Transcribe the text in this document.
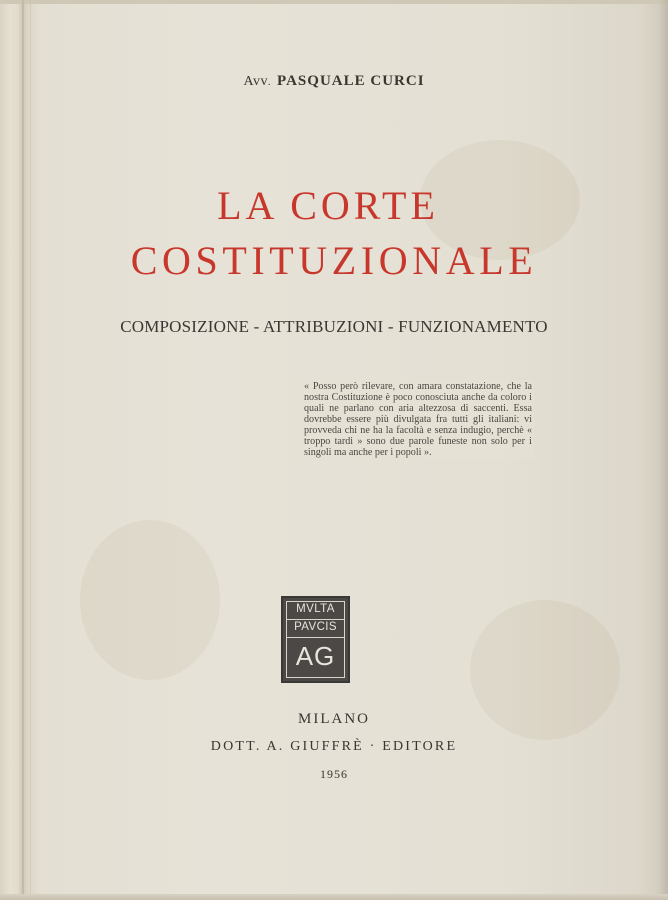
Avv. PASQUALE CURCI
LA CORTE
COSTITUZIONALE
COMPOSIZIONE - ATTRIBUZIONI - FUNZIONAMENTO
« Posso però rilevare, con amara constatazione, che la nostra Costituzione è poco conosciuta anche da coloro i quali ne parlano con aria altezzosa di saccenti. Essa dovrebbe essere più divulgata fra tutti gli italiani: vi provveda chi ne ha la facoltà e senza indugio, perchè « troppo tardi » sono due parole funeste non solo per i singoli ma anche per i popoli ».
MVLTA
PAVCIS
AG
MILANO
DOTT. A. GIUFFRÈ · EDITORE
1956
